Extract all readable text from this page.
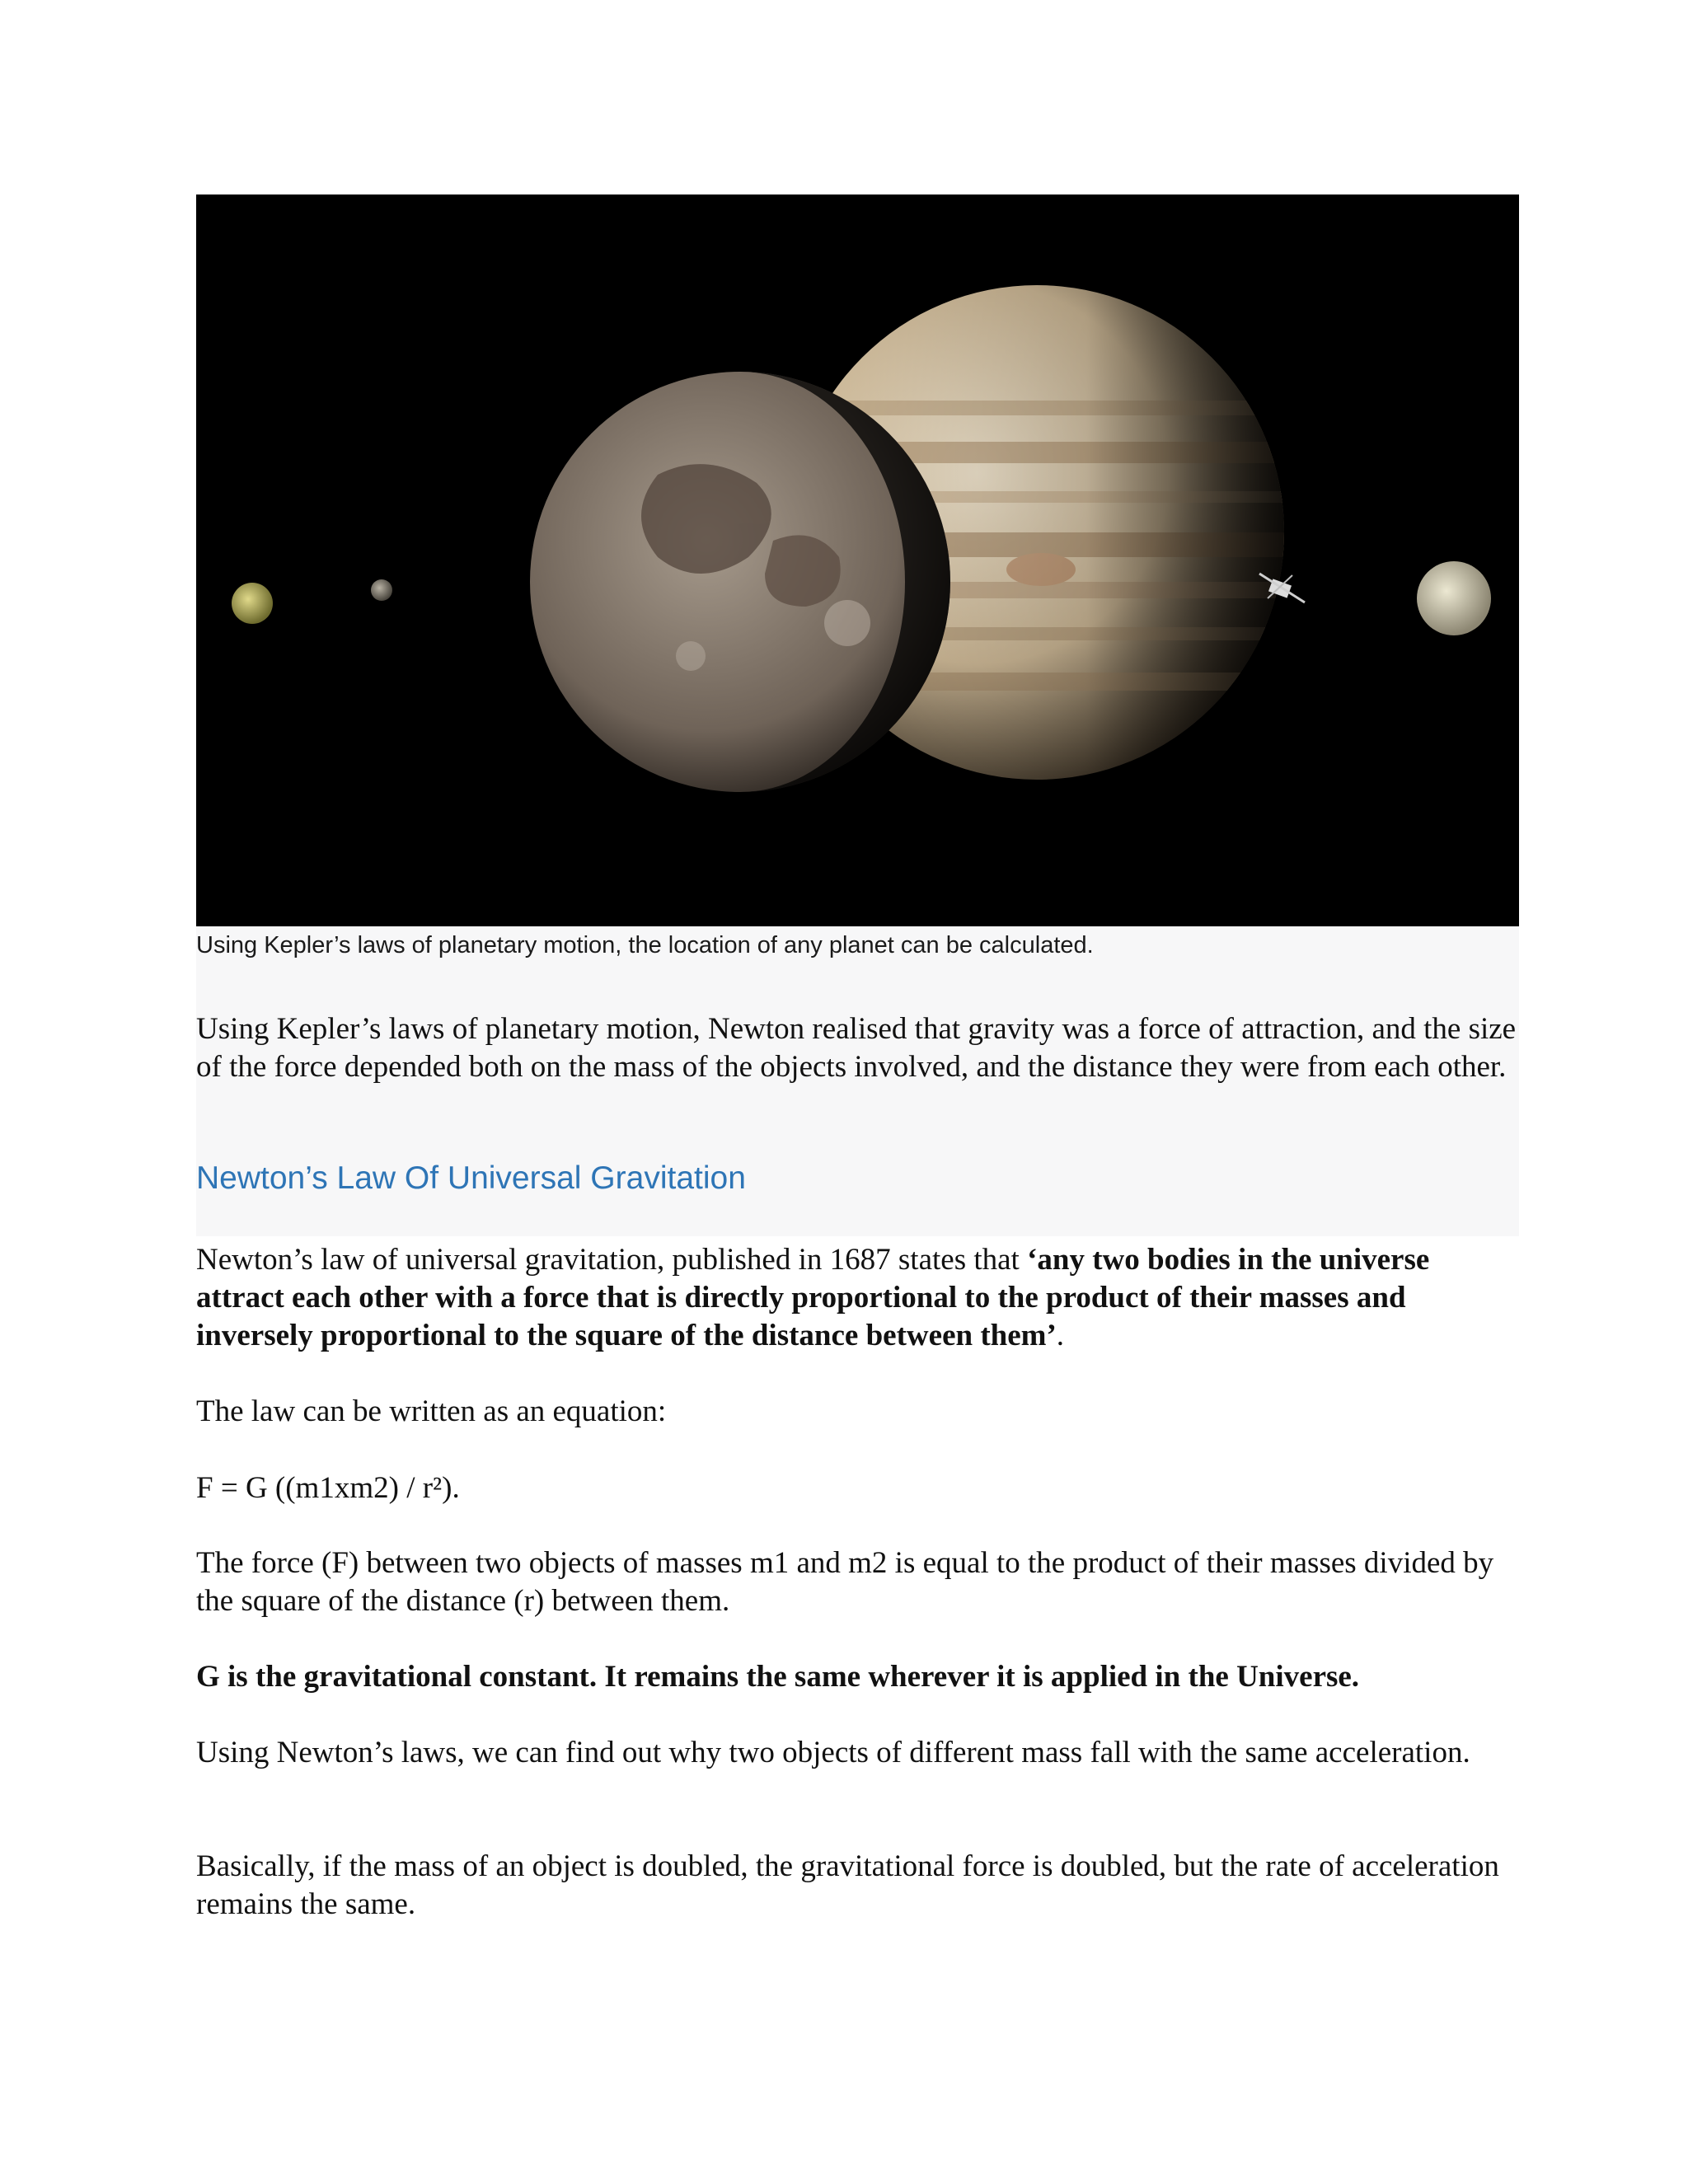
Using Kepler’s laws of planetary motion, the location of any planet can be calculated.

Using Kepler’s laws of planetary motion, Newton realised that gravity was a force of attraction, and the size of the force depended both on the mass of the objects involved, and the distance they were from each other.

Newton’s Law Of Universal Gravitation

Newton’s law of universal gravitation, published in 1687 states that ‘any two bodies in the universe attract each other with a force that is directly proportional to the product of their masses and inversely proportional to the square of the distance between them’.

The law can be written as an equation:

F = G ((m1xm2) / r²).

The force (F) between two objects of masses m1 and m2 is equal to the product of their masses divided by the square of the distance (r) between them.

G is the gravitational constant. It remains the same wherever it is applied in the Universe.

Using Newton’s laws, we can find out why two objects of different mass fall with the same acceleration.

Basically, if the mass of an object is doubled, the gravitational force is doubled, but the rate of acceleration remains the same.
